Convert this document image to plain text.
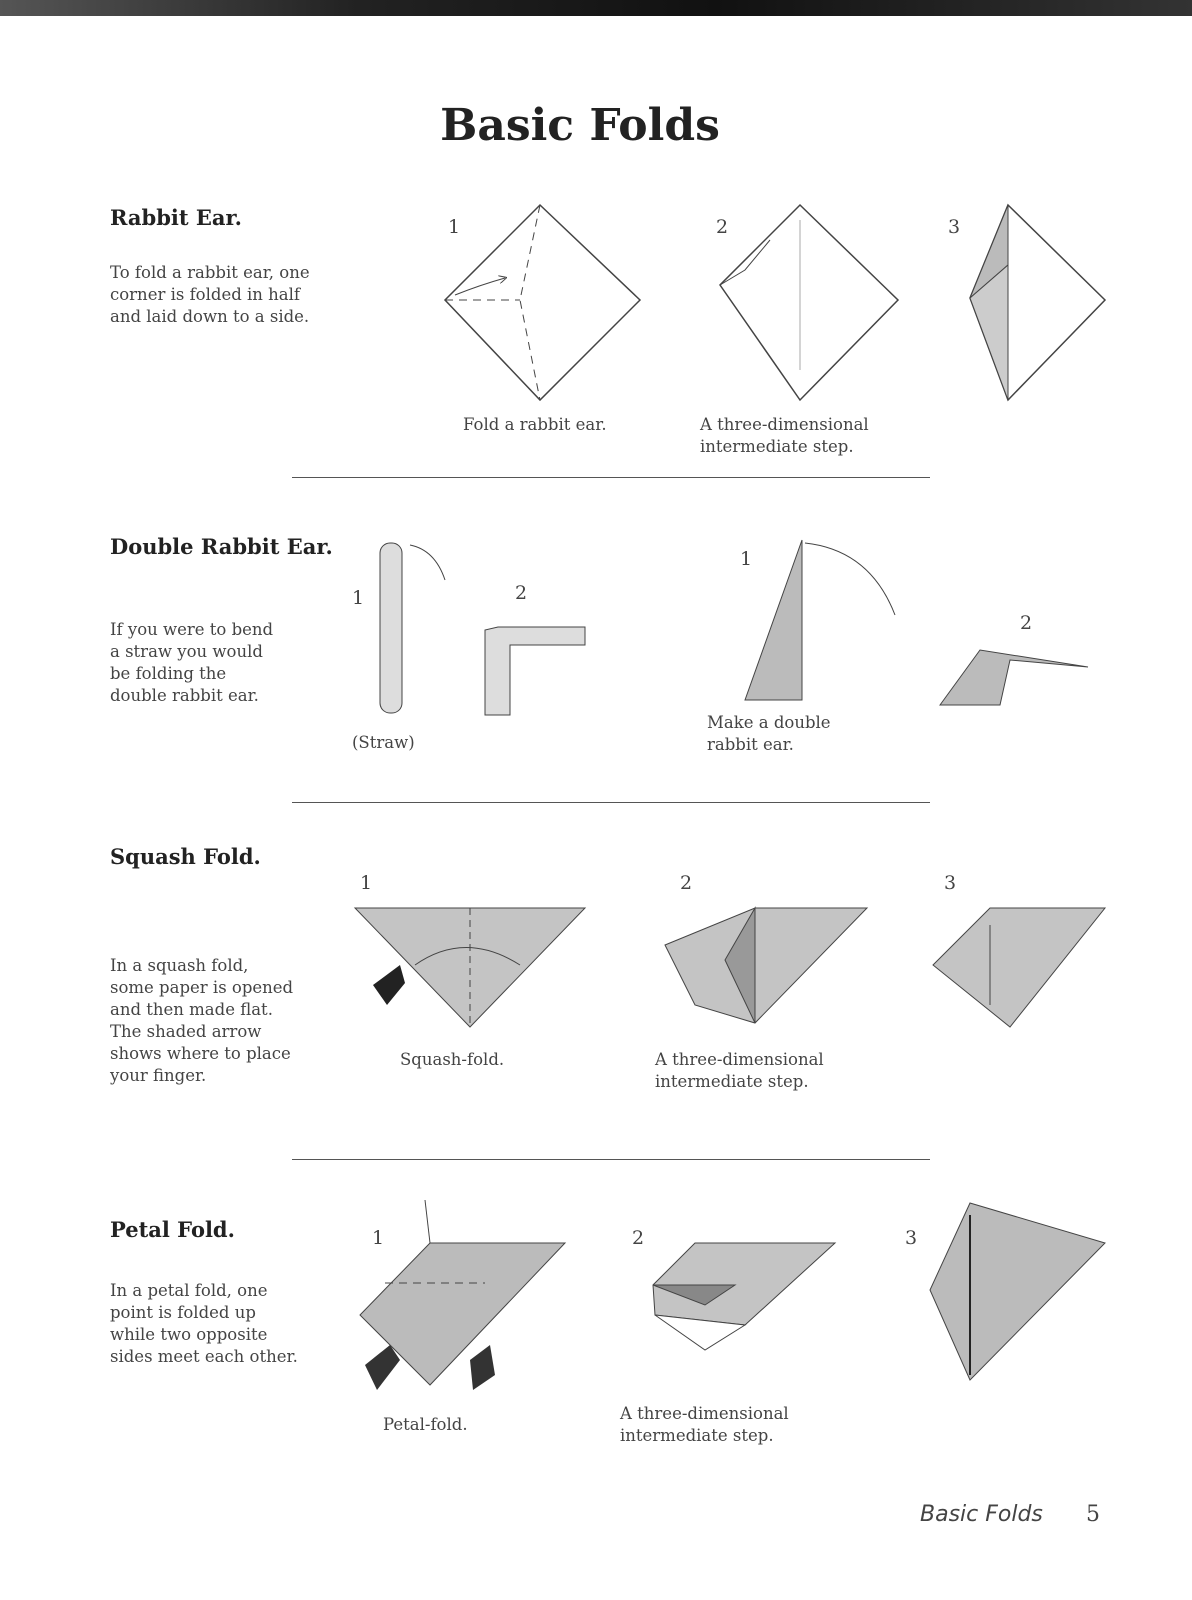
Basic Folds
Rabbit Ear.
To fold a rabbit ear, one
corner is folded in half
and laid down to a side.
1	2	3
Fold a rabbit ear.	A three-dimensional intermediate step.
Double Rabbit Ear.
If you were to bend
a straw you would
be folding the
double rabbit ear.
1	2
1
2
(Straw)
Make a double rabbit ear.
Squash Fold.
In a squash fold,
some paper is opened
and then made flat.
The shaded arrow
shows where to place
your finger.
1	2	3
Squash-fold.	A three-dimensional intermediate step.
Petal Fold.
In a petal fold, one
point is folded up
while two opposite
sides meet each other.
1	2	3
Petal-fold.
A three-dimensional intermediate step.
Basic Folds 5
